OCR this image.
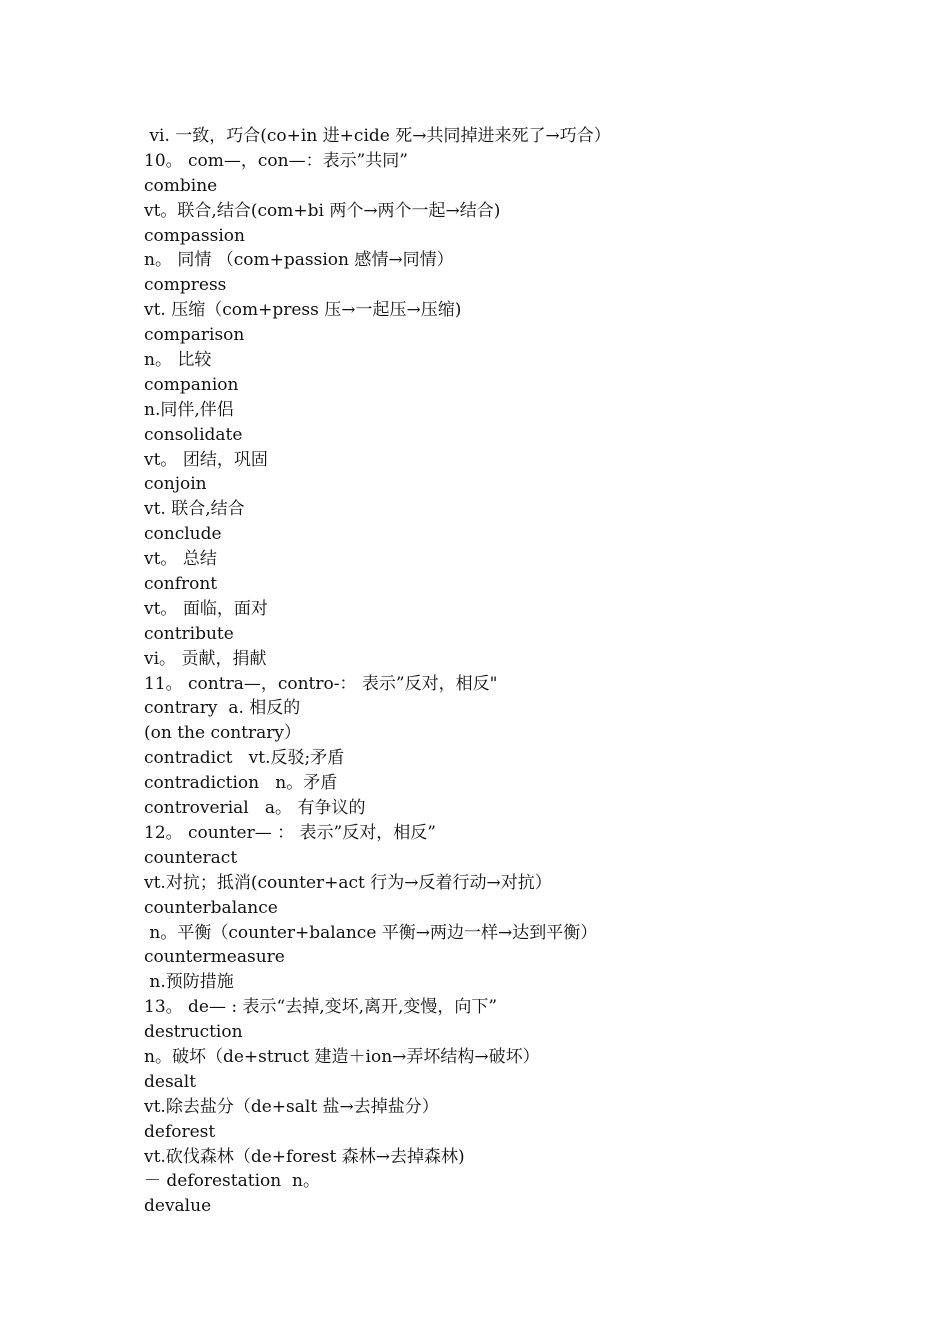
vi. 一致，巧合(co+in 进+cide 死→共同掉进来死了→巧合）
10。 com—，con—：表示”共同”
combine
vt。联合,结合(com+bi 两个→两个一起→结合)
compassion
n。 同情 （com+passion 感情→同情）
compress
vt. 压缩（com+press 压→一起压→压缩)
comparison
n。 比较
companion
n.同伴,伴侣
consolidate
vt。 团结，巩固
conjoin
vt. 联合,结合
conclude
vt。 总结
confront
vt。 面临，面对
contribute
vi。 贡献，捐献
11。 contra—，contro-： 表示”反对，相反"
contrary  a. 相反的
(on the contrary）
contradict   vt.反驳;矛盾
contradiction   n。矛盾
controverial   a。 有争议的
12。 counter— ： 表示”反对，相反”
counteract
vt.对抗；抵消(counter+act 行为→反着行动→对抗）
counterbalance
n。平衡（counter+balance 平衡→两边一样→达到平衡）
countermeasure
n.预防措施
13。 de— : 表示“去掉,变坏,离开,变慢，向下”
destruction
n。破坏（de+struct 建造＋ion→弄坏结构→破坏）
desalt
vt.除去盐分（de+salt 盐→去掉盐分）
deforest
vt.砍伐森林（de+forest 森林→去掉森林)
－ deforestation  n。
devalue
